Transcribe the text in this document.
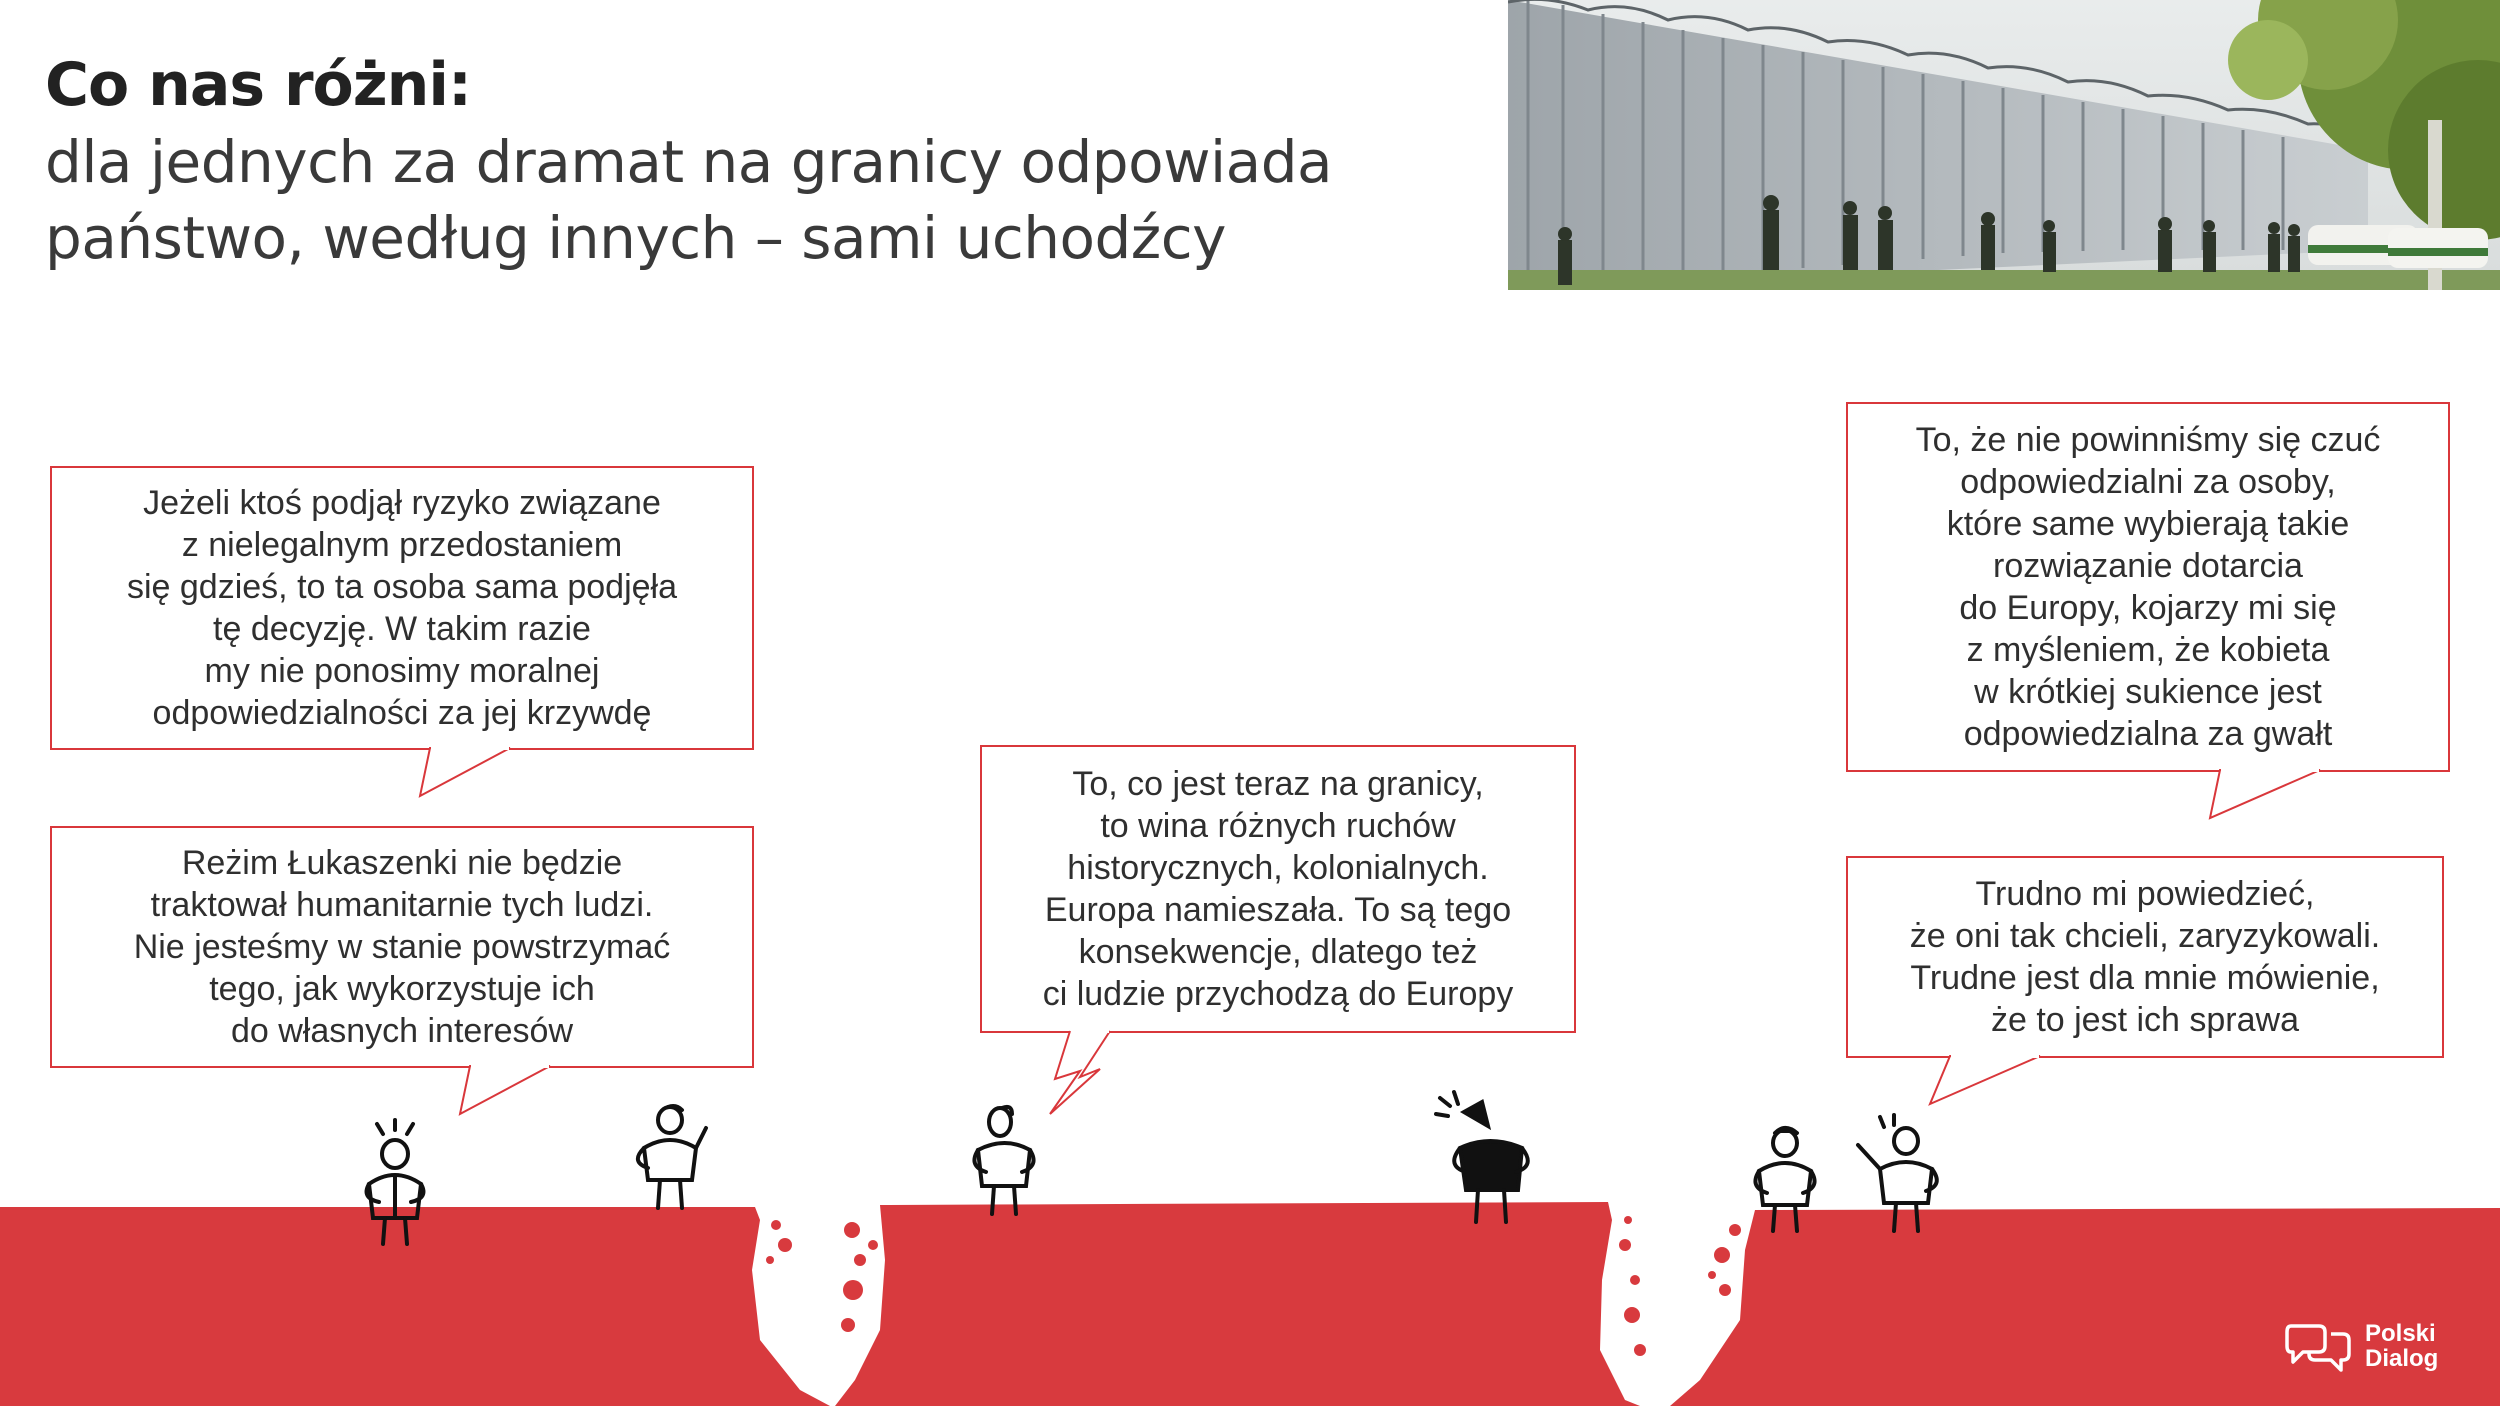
Co nas różni:

dla jednych za dramat na granicy odpowiada państwo, według innych – sami uchodźcy

Jeżeli ktoś podjął ryzyko związane
z nielegalnym przedostaniem
się gdzieś, to ta osoba sama podjęła
tę decyzję. W takim razie
my nie ponosimy moralnej
odpowiedzialności za jej krzywdę
Reżim Łukaszenki nie będzie
traktował humanitarnie tych ludzi.
Nie jesteśmy w stanie powstrzymać
tego, jak wykorzystuje ich
do własnych interesów
To, co jest teraz na granicy,
to wina różnych ruchów
historycznych, kolonialnych.
Europa namieszała. To są tego
konsekwencje, dlatego też
ci ludzie przychodzą do Europy
To, że nie powinniśmy się czuć
odpowiedzialni za osoby,
które same wybierają takie
rozwiązanie dotarcia
do Europy, kojarzy mi się
z myśleniem, że kobieta
w krótkiej sukience jest
odpowiedzialna za gwałt
Trudno mi powiedzieć,
że oni tak chcieli, zaryzykowali.
Trudne jest dla mnie mówienie,
że to jest ich sprawa
Polski
Dialog
